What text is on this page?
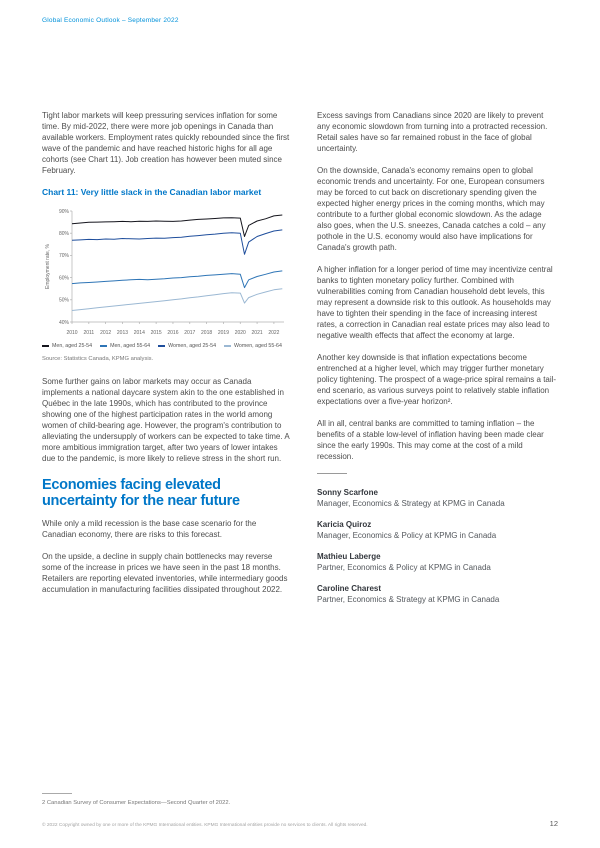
Global Economic Outlook – September 2022

Tight labor markets will keep pressuring services inflation for some time. By mid-2022, there were more job openings in Canada than available workers. Employment rates quickly rebounded since the first wave of the pandemic and have reached historic highs for all age cohorts (see Chart 11). Job creation has however been muted since February.

Chart 11: Very little slack in the Canadian labor market
40%
50%
60%
70%
80%
90%
2010 2011 2012 2013 2014 2015 2016 2017 2018 2019 2020 2021 2022
Employment rate, %
Men, aged 25-54	Men, aged 55-64	Women, aged 25-54	Women, aged 55-64
Source: Statistics Canada, KPMG analysis.

Some further gains on labor markets may occur as Canada implements a national daycare system akin to the one established in Québec in the late 1990s, which has contributed to the province showing one of the highest participation rates in the world among women of child-bearing age. However, the program's contribution to alleviating the undersupply of workers can be expected to take time. A more ambitious immigration target, after two years of lower intakes due to the pandemic, is more likely to relieve stress in the short run.

Economies facing elevated uncertainty for the near future

While only a mild recession is the base case scenario for the Canadian economy, there are risks to this forecast.

On the upside, a decline in supply chain bottlenecks may reverse some of the increase in prices we have seen in the past 18 months. Retailers are reporting elevated inventories, while intermediary goods accumulation in manufacturing facilities dissipated throughout 2022.

Excess savings from Canadians since 2020 are likely to prevent any economic slowdown from turning into a protracted recession. Retail sales have so far remained robust in the face of global uncertainty.

On the downside, Canada's economy remains open to global economic trends and uncertainty. For one, European consumers may be forced to cut back on discretionary spending given the expected higher energy prices in the coming months, which may contribute to a further global economic slowdown. As the adage also goes, when the U.S. sneezes, Canada catches a cold – any pothole in the U.S. economy would also have implications for Canada's growth path.

A higher inflation for a longer period of time may incentivize central banks to tighten monetary policy further. Combined with vulnerabilities coming from Canadian household debt levels, this may represent a downside risk to this outlook. As households may have to tighten their spending in the face of increasing interest rates, a correction in Canadian real estate prices may also lead to negative wealth effects that affect the economy at large.

Another key downside is that inflation expectations become entrenched at a higher level, which may trigger further monetary policy tightening. The prospect of a wage-price spiral remains a tail-end scenario, as various surveys point to relatively stable inflation expectations over a five-year horizon².

All in all, central banks are committed to taming inflation – the benefits of a stable low-level of inflation having been made clear since the early 1990s. This may come at the cost of a mild recession.

Sonny Scarfone
Manager, Economics & Strategy at KPMG in Canada
Karicia Quiroz
Manager, Economics & Policy at KPMG in Canada
Mathieu Laberge
Partner, Economics & Policy at KPMG in Canada
Caroline Charest
Partner, Economics & Strategy at KPMG in Canada
2 Canadian Survey of Consumer Expectations—Second Quarter of 2022.
© 2022 Copyright owned by one or more of the KPMG International entities. KPMG International entities provide no services to clients. All rights reserved.	12
